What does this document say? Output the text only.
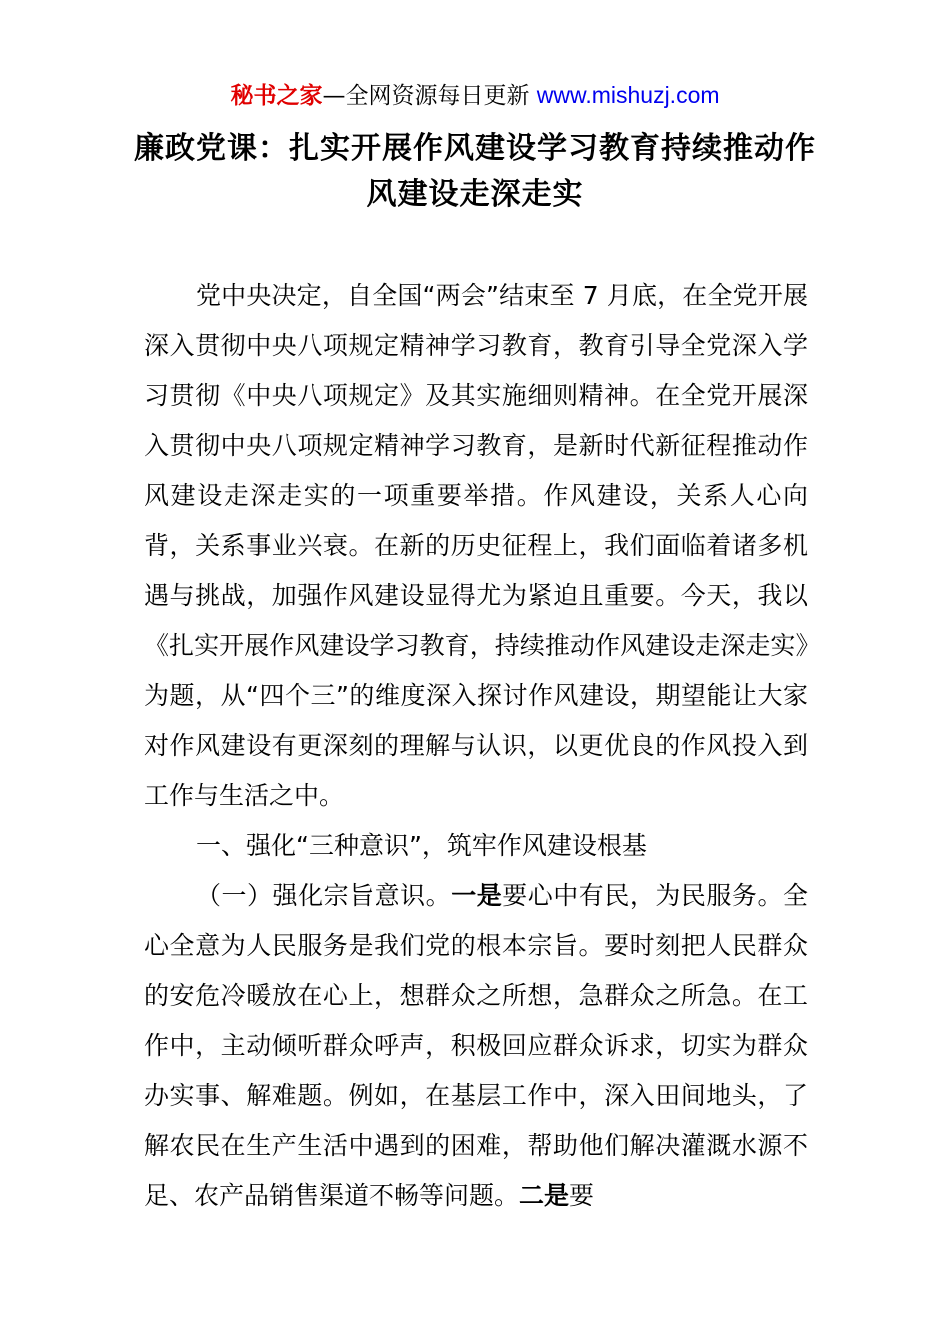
秘书之家—全网资源每日更新 www.mishuzj.com
廉政党课：扎实开展作风建设学习教育持续推动作风建设走深走实

党中央决定，自全国“两会”结束至 7 月底，在全党开展深入贯彻中央八项规定精神学习教育，教育引导全党深入学习贯彻《中央八项规定》及其实施细则精神。在全党开展深入贯彻中央八项规定精神学习教育，是新时代新征程推动作风建设走深走实的一项重要举措。作风建设，关系人心向背，关系事业兴衰。在新的历史征程上，我们面临着诸多机遇与挑战，加强作风建设显得尤为紧迫且重要。今天，我以《扎实开展作风建设学习教育，持续推动作风建设走深走实》为题，从“四个三”的维度深入探讨作风建设，期望能让大家对作风建设有更深刻的理解与认识，以更优良的作风投入到工作与生活之中。

一、强化“三种意识”，筑牢作风建设根基

（一）强化宗旨意识。一是要心中有民，为民服务。全心全意为人民服务是我们党的根本宗旨。要时刻把人民群众的安危冷暖放在心上，想群众之所想，急群众之所急。在工作中，主动倾听群众呼声，积极回应群众诉求，切实为群众办实事、解难题。例如，在基层工作中，深入田间地头，了解农民在生产生活中遇到的困难，帮助他们解决灌溉水源不足、农产品销售渠道不畅等问题。二是要
